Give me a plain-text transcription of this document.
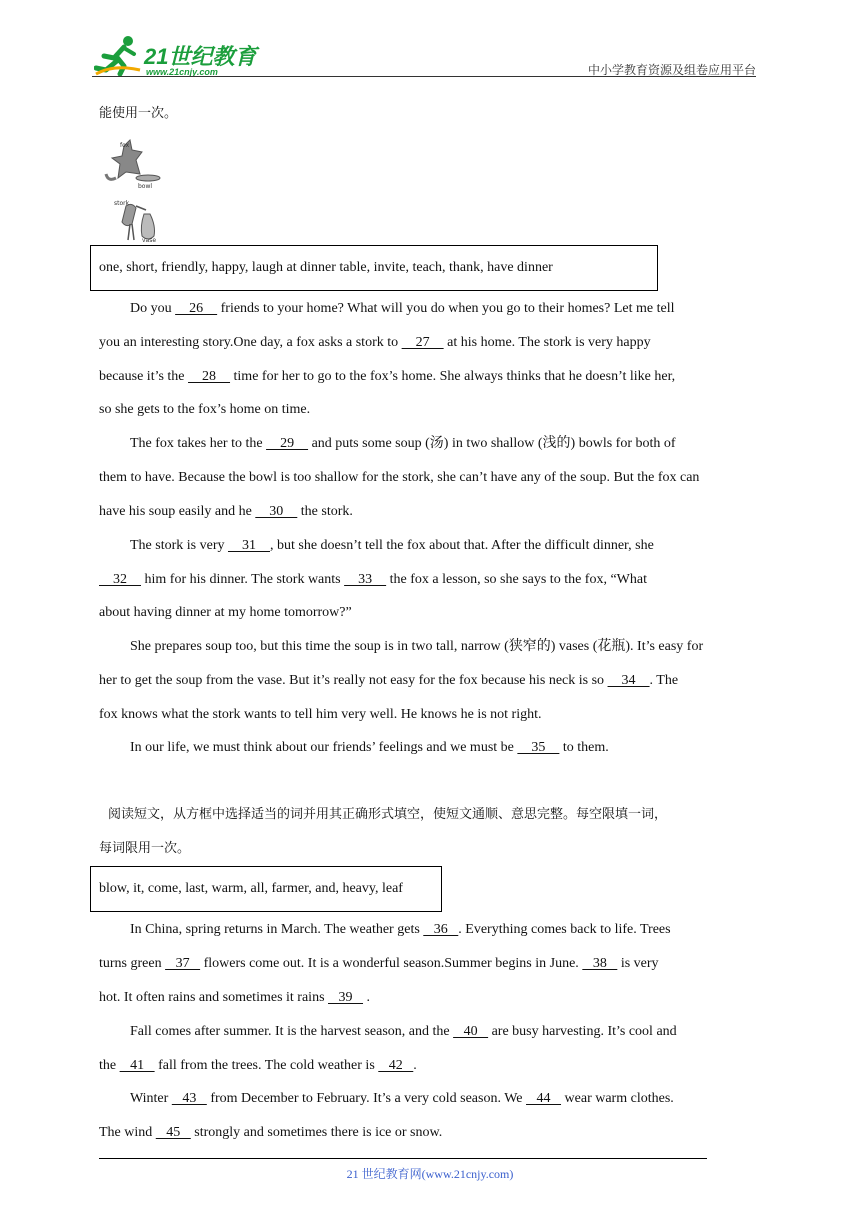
21世纪教育
www.21cnjy.com	中小学教育资源及组卷应用平台
能使用一次。
fox
bowl
stork
vase
one, short, friendly, happy, laugh at dinner table, invite, teach, thank, have dinner
Do you     26     friends to your home? What will you do when you go to their homes? Let me tell
you an interesting story.One day, a fox asks a stork to     27     at his home. The stork is very happy
because it’s the     28     time for her to go to the fox’s home. She always thinks that he doesn’t like her,
so she gets to the fox’s home on time.
The fox takes her to the     29     and puts some soup (汤) in two shallow (浅的) bowls for both of
them to have. Because the bowl is too shallow for the stork, she can’t have any of the soup. But the fox can
have his soup easily and he     30     the stork.
The stork is very     31    , but she doesn’t tell the fox about that. After the difficult dinner, she
32     him for his dinner. The stork wants     33     the fox a lesson, so she says to the fox, “What
about having dinner at my home tomorrow?”
She prepares soup too, but this time the soup is in two tall, narrow (狭窄的) vases (花瓶). It’s easy for
her to get the soup from the vase. But it’s really not easy for the fox because his neck is so     34    . The
fox knows what the stork wants to tell him very well. He knows he is not right.
In our life, we must think about our friends’ feelings and we must be     35     to them.
阅读短文，从方框中选择适当的词并用其正确形式填空，使短文通顺、意思完整。每空限填一词，
每词限用一次。
blow, it, come, last, warm, all, farmer, and, heavy, leaf
In China, spring returns in March. The weather gets    36   . Everything comes back to life. Trees
turns green    37    flowers come out. It is a wonderful season.Summer begins in June.    38    is very
hot. It often rains and sometimes it rains    39    .
Fall comes after summer. It is the harvest season, and the    40    are busy harvesting. It’s cool and
the    41    fall from the trees. The cold weather is    42   .
Winter    43    from December to February. It’s a very cold season. We    44    wear warm clothes.
The wind    45    strongly and sometimes there is ice or snow.
21 世纪教育网(www.21cnjy.com)
